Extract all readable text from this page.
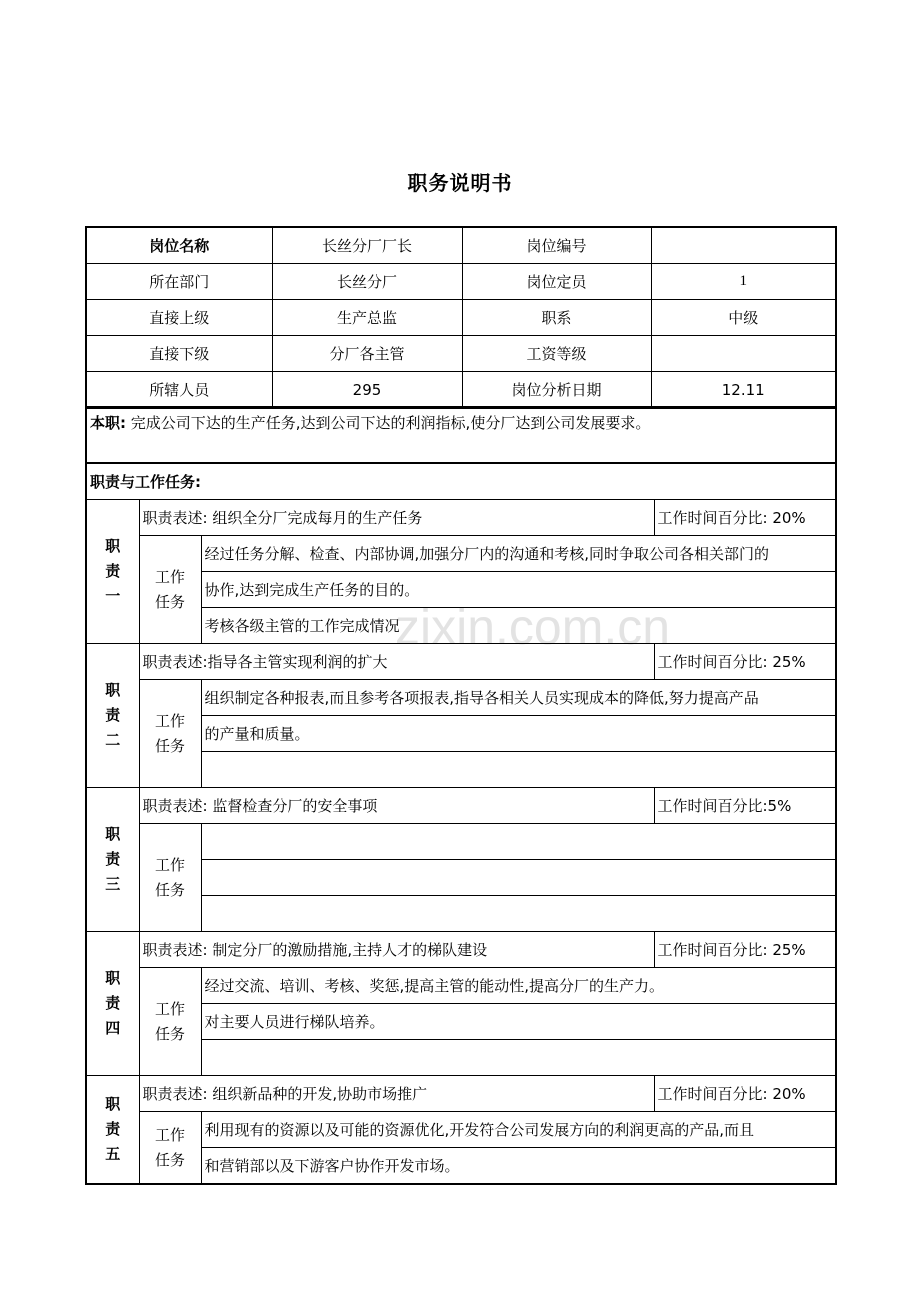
职务说明书
zixin.com.cn
岗位名称	长丝分厂厂长	岗位编号	
所在部门	长丝分厂	岗位定员	1
直接上级	生产总监	职系	中级
直接下级	分厂各主管	工资等级	
所辖人员	295	岗位分析日期	12.11
本职: 完成公司下达的生产任务,达到公司下达的利润指标,使分厂达到公司发展要求。			
职责与工作任务:			

职
责
一	职责表述: 组织全分厂完成每月的生产任务		工作时间百分比: 20%

	工作
任务	经过任务分解、检查、内部协调,加强分厂内的沟通和考核,同时争取公司各相关部门的	
		协作,达到完成生产任务的目的。	
		考核各级主管的工作完成情况	

职
责
二	职责表述:指导各主管实现利润的扩大		工作时间百分比: 25%

	工作
任务	组织制定各种报表,而且参考各项报表,指导各相关人员实现成本的降低,努力提高产品	
		的产量和质量。	

职
责
三	职责表述: 监督检查分厂的安全事项		工作时间百分比:5%

	工作
任务		

职
责
四	职责表述: 制定分厂的激励措施,主持人才的梯队建设		工作时间百分比: 25%

	工作
任务	经过交流、培训、考核、奖惩,提高主管的能动性,提高分厂的生产力。	
		对主要人员进行梯队培养。	

职
责
五	职责表述: 组织新品种的开发,协助市场推广		工作时间百分比: 20%

	工作
任务	利用现有的资源以及可能的资源优化,开发符合公司发展方向的利润更高的产品,而且	
		和营销部以及下游客户协作开发市场。	
